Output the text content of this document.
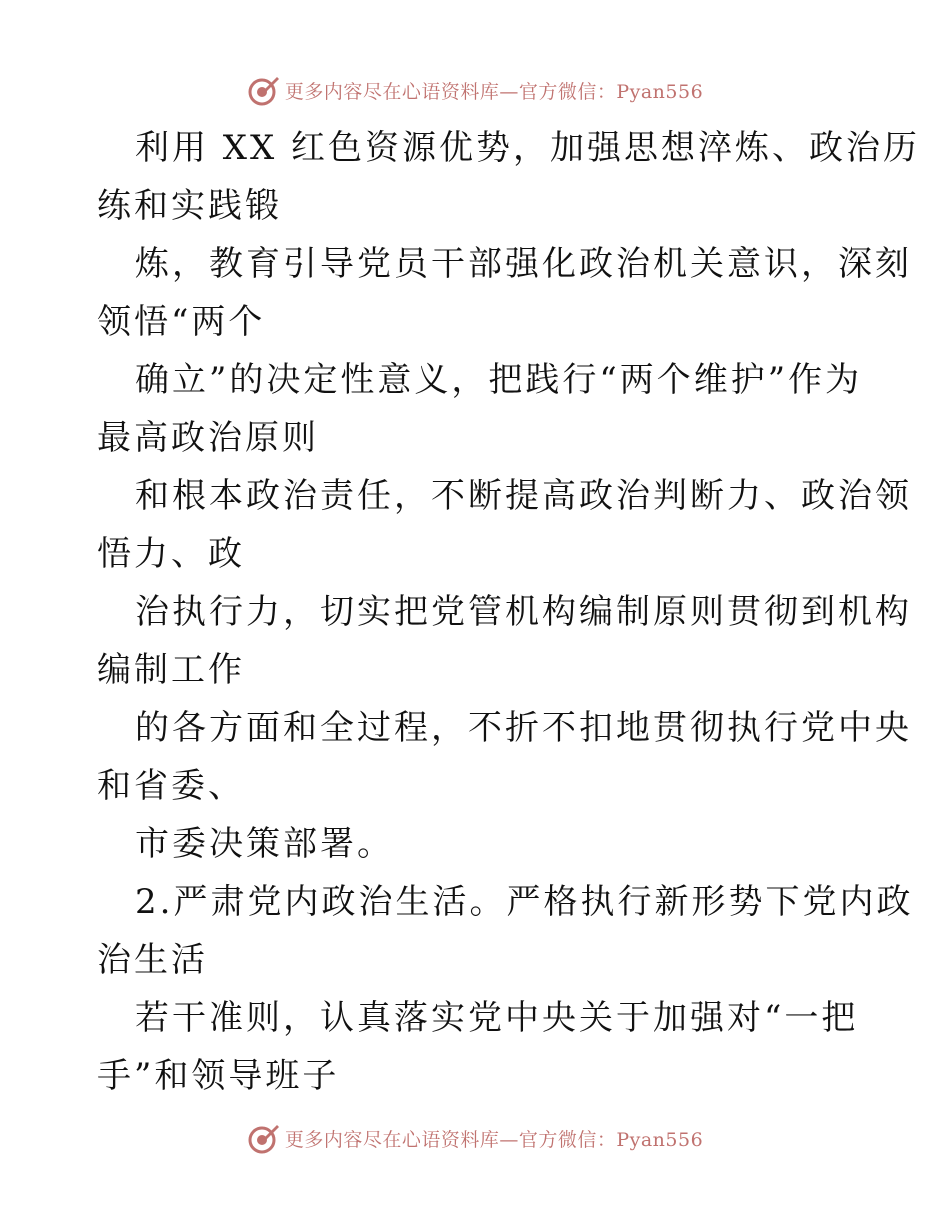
更多内容尽在心语资料库—官方微信：Pyan556
利用 XX 红色资源优势，加强思想淬炼、政治历
练和实践锻
炼，教育引导党员干部强化政治机关意识，深刻
领悟“两个
确立”的决定性意义，把践行“两个维护”作为
最高政治原则
和根本政治责任，不断提高政治判断力、政治领
悟力、政
治执行力，切实把党管机构编制原则贯彻到机构
编制工作
的各方面和全过程，不折不扣地贯彻执行党中央
和省委、
市委决策部署。
2.严肃党内政治生活。严格执行新形势下党内政
治生活
若干准则，认真落实党中央关于加强对“一把
手”和领导班子
更多内容尽在心语资料库—官方微信：Pyan556
